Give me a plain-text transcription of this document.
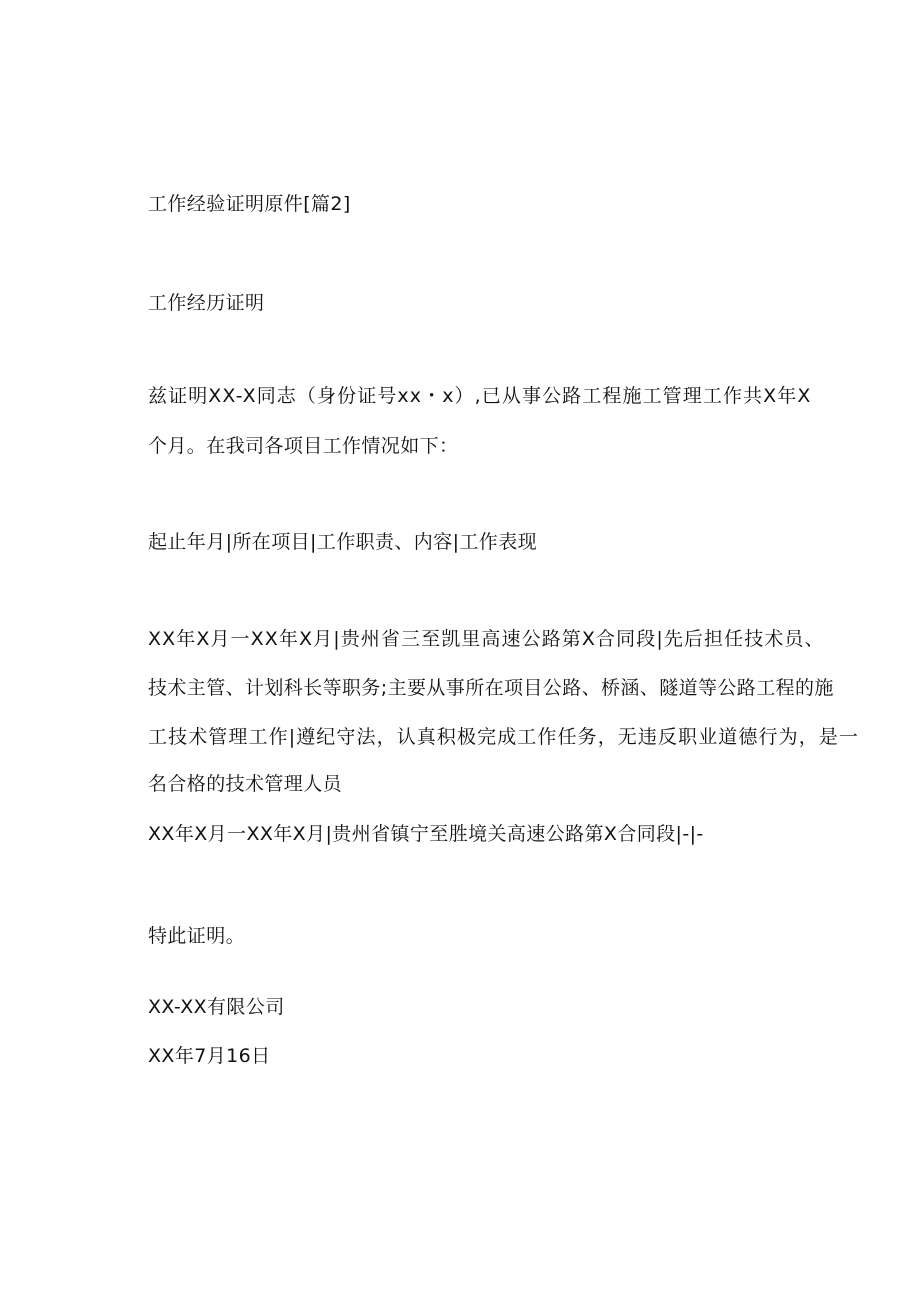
工作经验证明原件[篇2]
工作经历证明
兹证明XX-X同志（身份证号xx・x）,已从事公路工程施工管理工作共X年X
个月。在我司各项目工作情况如下：
起止年月|所在项目|工作职责、内容|工作表现
XX年X月一XX年X月|贵州省三至凯里高速公路第X合同段|先后担任技术员、
技术主管、计划科长等职务;主要从事所在项目公路、桥涵、隧道等公路工程的施
工技术管理工作|遵纪守法，认真积极完成工作任务，无违反职业道德行为，是一
名合格的技术管理人员
XX年X月一XX年X月|贵州省镇宁至胜境关高速公路第X合同段|-|-
特此证明。
XX-XX有限公司
XX年7月16日
